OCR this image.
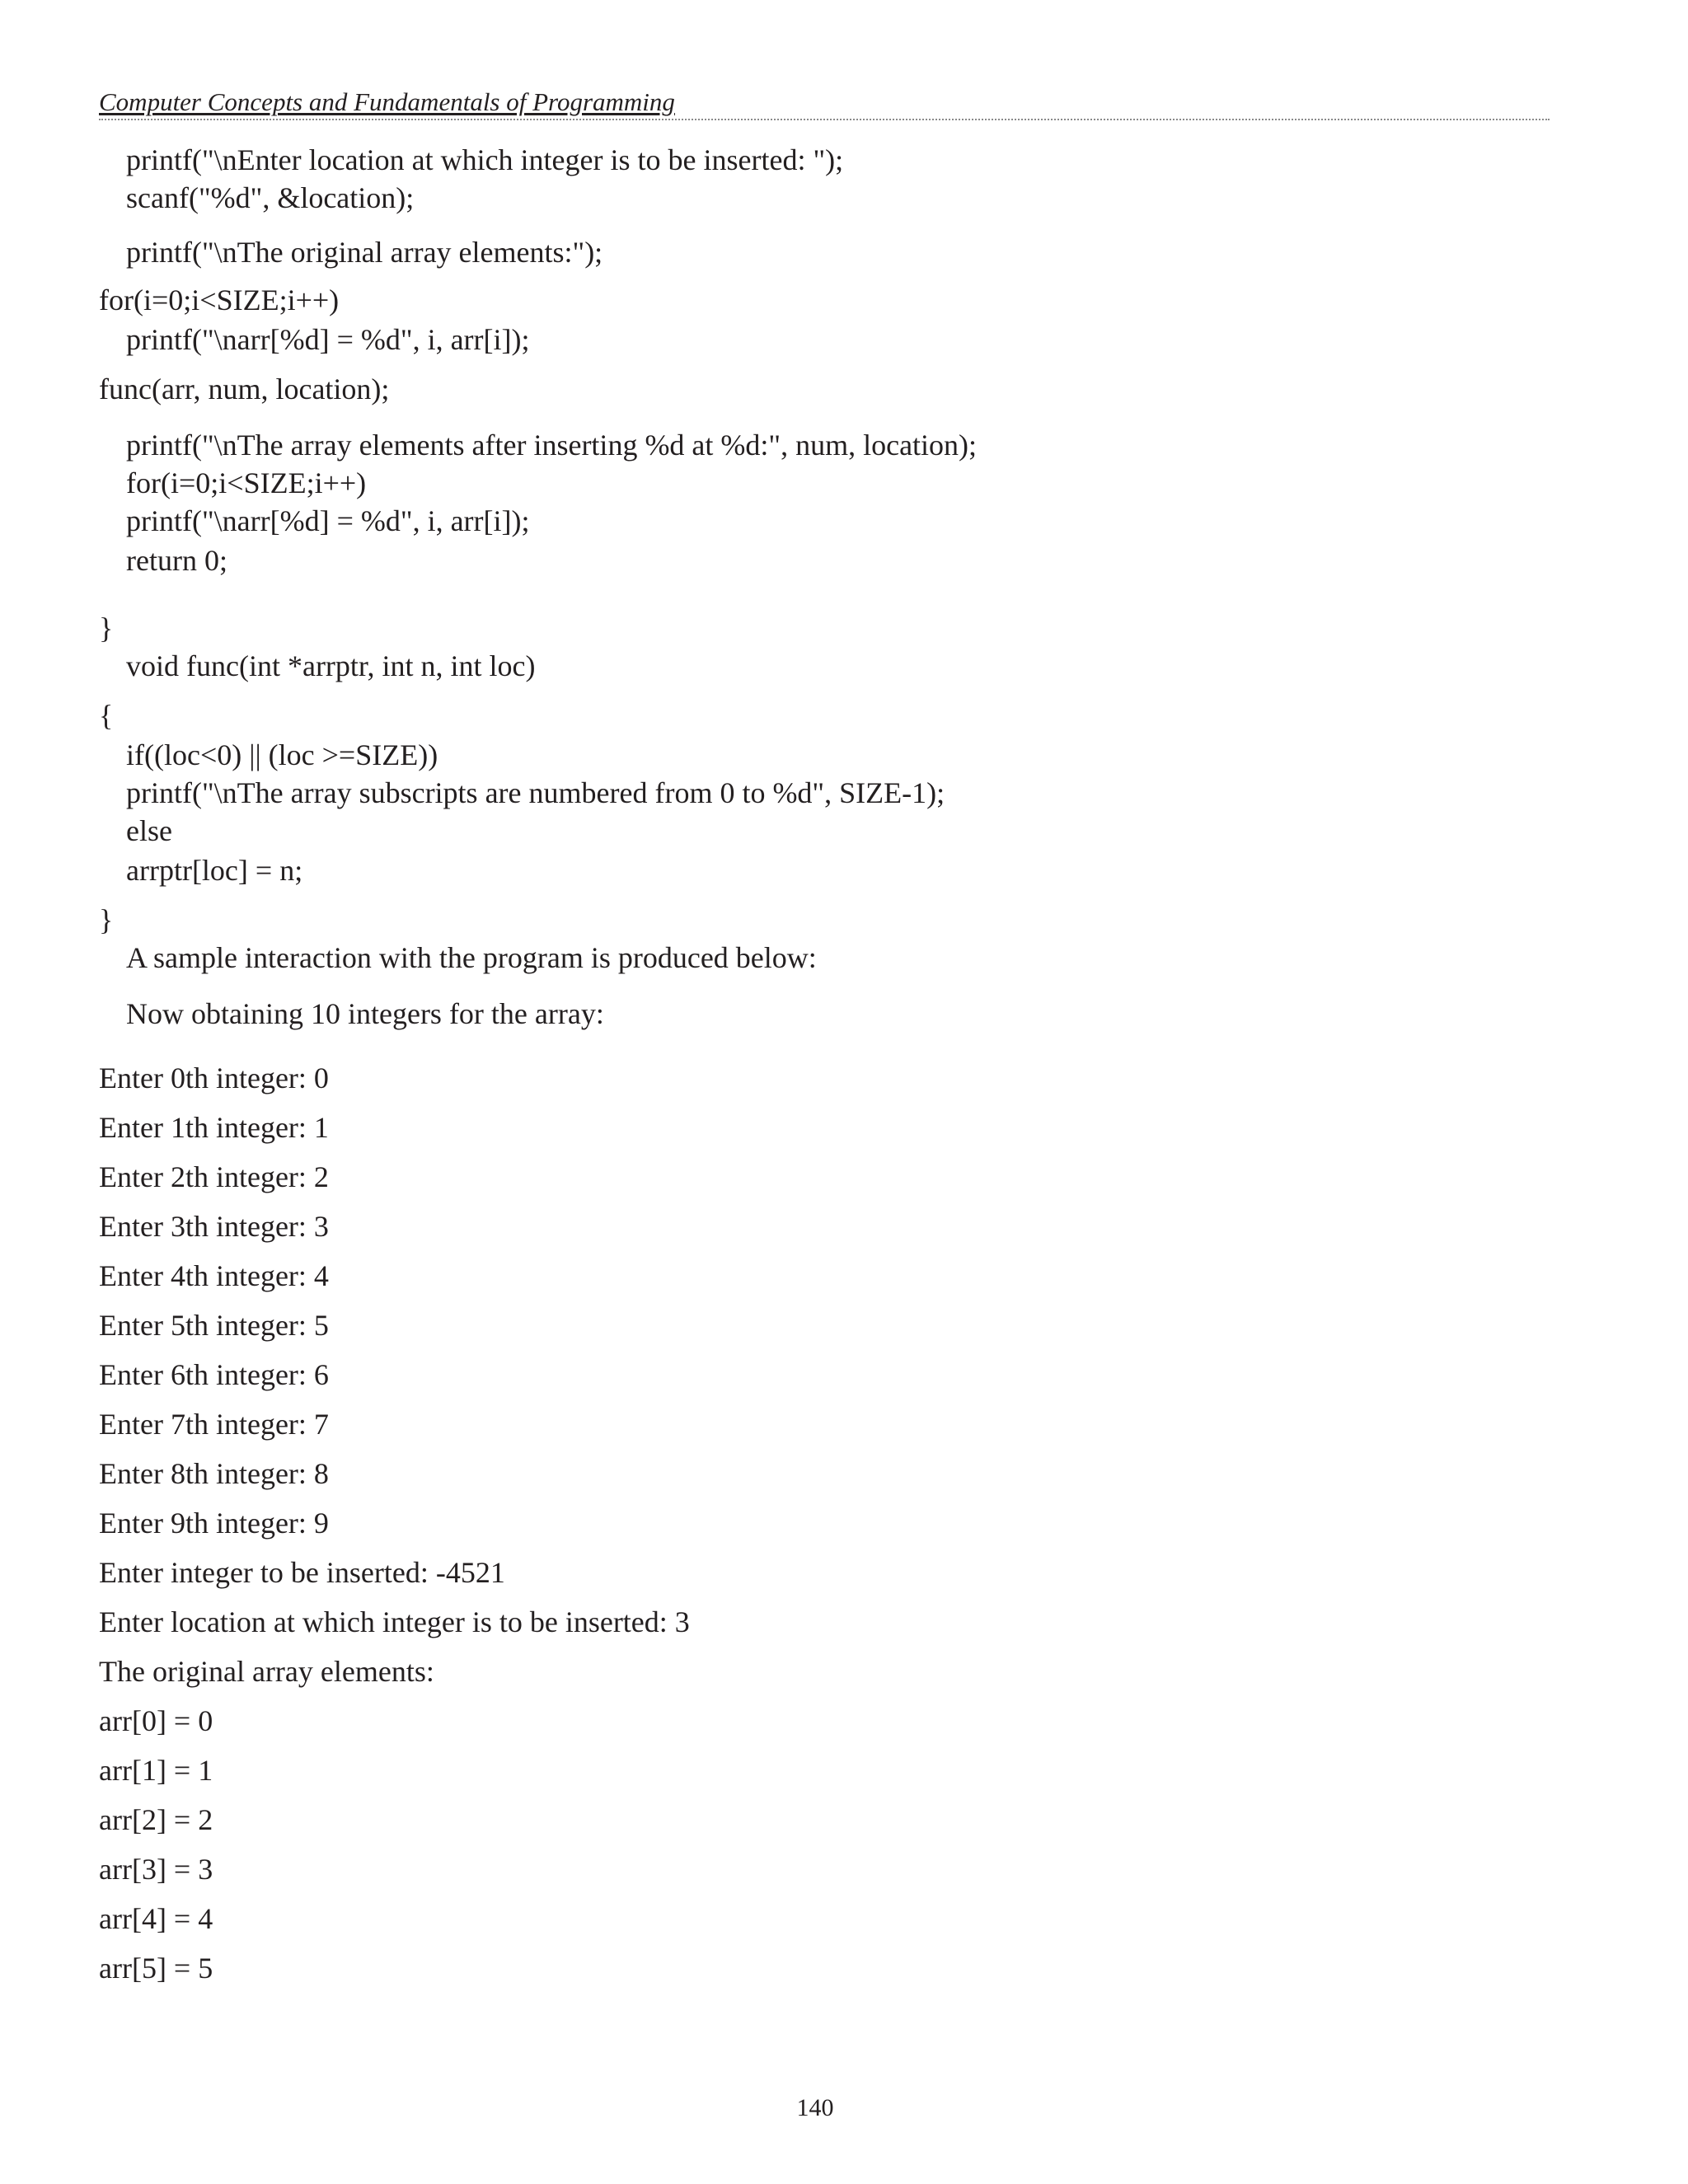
Computer Concepts and Fundamentals of Programming
printf("\nEnter location at which integer is to be inserted: ");
scanf("%d", &location);
printf("\nThe original array elements:");
for(i=0;i<SIZE;i++)
printf("\narr[%d] = %d", i, arr[i]);
func(arr, num, location);
printf("\nThe array elements after inserting %d at %d:", num, location);
for(i=0;i<SIZE;i++)
printf("\narr[%d] = %d", i, arr[i]);
return 0;
}
void func(int *arrptr, int n, int loc)
{
if((loc<0) || (loc >=SIZE))
printf("\nThe array subscripts are numbered from 0 to %d", SIZE-1);
else
arrptr[loc] = n;
}
A sample interaction with the program is produced below:
Now obtaining 10 integers for the array:
Enter 0th integer: 0
Enter 1th integer: 1
Enter 2th integer: 2
Enter 3th integer: 3
Enter 4th integer: 4
Enter 5th integer: 5
Enter 6th integer: 6
Enter 7th integer: 7
Enter 8th integer: 8
Enter 9th integer: 9
Enter integer to be inserted: -4521
Enter location at which integer is to be inserted: 3
The original array elements:
arr[0] = 0
arr[1] = 1
arr[2] = 2
arr[3] = 3
arr[4] = 4
arr[5] = 5
140
